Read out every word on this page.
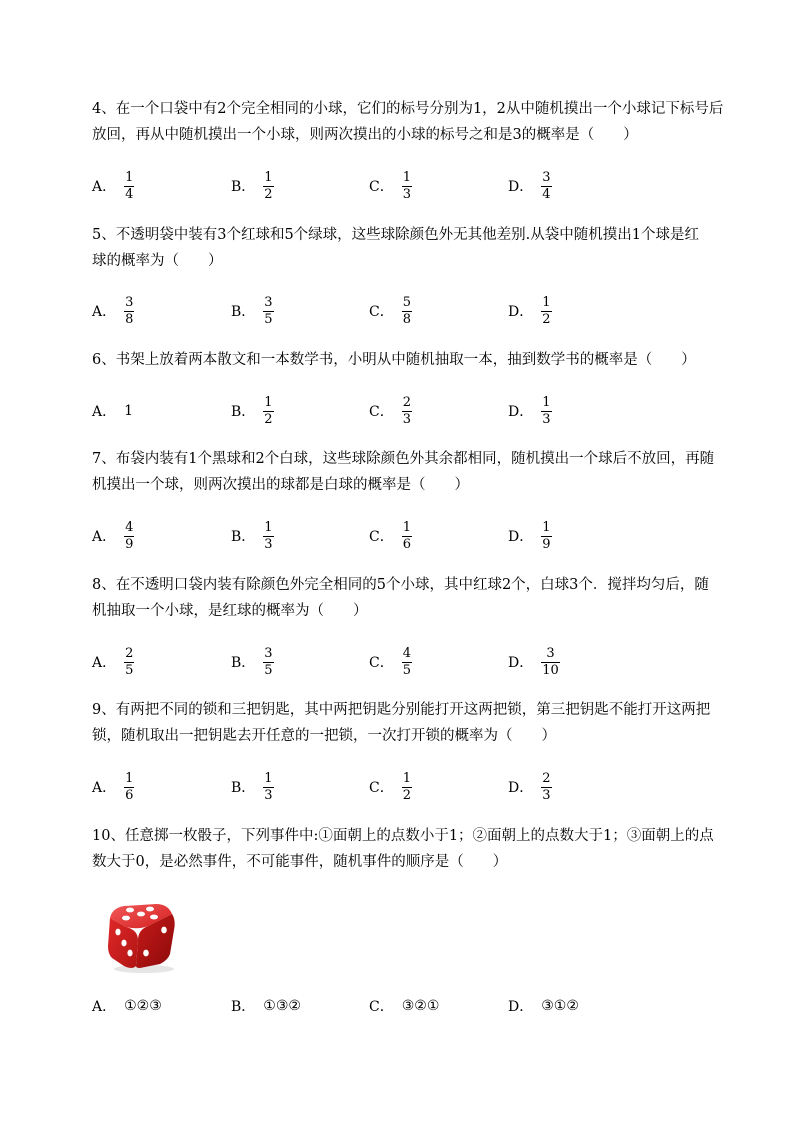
4、在一个口袋中有2个完全相同的小球，它们的标号分别为1，2从中随机摸出一个小球记下标号后

放回，再从中随机摸出一个小球，则两次摸出的小球的标号之和是3的概率是（　　）

A． $\frac{1}{4}$	B． $\frac{1}{2}$	C． $\frac{1}{3}$	D． $\frac{3}{4}$

5、不透明袋中装有3个红球和5个绿球，这些球除颜色外无其他差别.从袋中随机摸出1个球是红

球的概率为（　　）

A． $\frac{3}{8}$	B． $\frac{3}{5}$	C． $\frac{5}{8}$	D． $\frac{1}{2}$

6、书架上放着两本散文和一本数学书，小明从中随机抽取一本，抽到数学书的概率是（　　）

A． 1	B． $\frac{1}{2}$	C． $\frac{2}{3}$	D． $\frac{1}{3}$

7、布袋内装有1个黑球和2个白球，这些球除颜色外其余都相同，随机摸出一个球后不放回，再随

机摸出一个球，则两次摸出的球都是白球的概率是（　　）

A． $\frac{4}{9}$	B． $\frac{1}{3}$	C． $\frac{1}{6}$	D． $\frac{1}{9}$

8、在不透明口袋内装有除颜色外完全相同的5个小球，其中红球2个，白球3个．搅拌均匀后，随

机抽取一个小球，是红球的概率为（　　）

A． $\frac{2}{5}$	B． $\frac{3}{5}$	C． $\frac{4}{5}$	D． $\frac{3}{10}$

9、有两把不同的锁和三把钥匙，其中两把钥匙分别能打开这两把锁，第三把钥匙不能打开这两把

锁，随机取出一把钥匙去开任意的一把锁，一次打开锁的概率为（　　）

A． $\frac{1}{6}$	B． $\frac{1}{3}$	C． $\frac{1}{2}$	D． $\frac{2}{3}$

10、任意掷一枚骰子，下列事件中:①面朝上的点数小于1；②面朝上的点数大于1；③面朝上的点

数大于0，是必然事件，不可能事件，随机事件的顺序是（　　）

A． ①②③	B． ①③②	C． ③②①	D． ③①②
